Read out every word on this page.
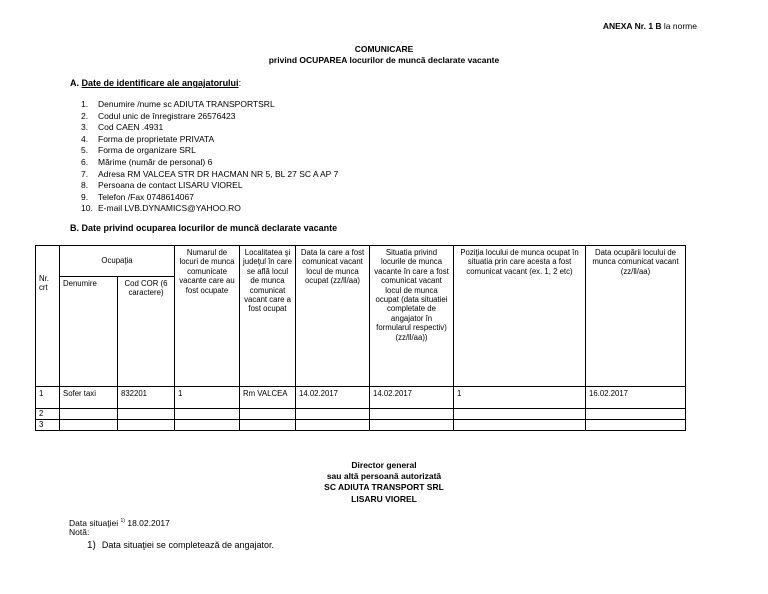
ANEXA Nr. 1 B la norme
COMUNICARE
privind OCUPAREA locurilor de muncă declarate vacante
A. Date de identificare ale angajatorului:
1. Denumire /nume sc ADIUTA TRANSPORTSRL
2. Codul unic de înregistrare 26576423
3. Cod CAEN .4931
4. Forma de proprietate PRIVATA
5. Forma de organizare SRL
6. Mărime (număr de personal) 6
7. Adresa RM VALCEA STR DR HACMAN NR 5, BL 27 SC A AP 7
8. Persoana de contact LISARU VIOREL
9. Telefon /Fax 0748614067
10. E-mail LVB.DYNAMICS@YAHOO.RO
B. Date privind ocuparea locurilor de muncă declarate vacante
Nr. crt	Ocupaţia		Numarul de locuri de munca comunicate vacante care au fost ocupate	Localitatea şi judeţul în care se află locul de munca comunicat vacant care a fost ocupat	Data la care a fost comunicat vacant locul de munca ocupat (zz/ll/aa)	Situatia privind locurile de munca vacante în care a fost comunicat vacant locul de munca ocupat (data situatiei completate de angajator în formularul respectiv) (zz/ll/aa))	Poziţia locului de munca ocupat în situatia prin care acesta a fost comunicat vacant (ex. 1, 2 etc)	Data ocupării locului de munca comunicat vacant (zz/ll/aa)
	Denumire	Cod COR (6 caractere)						
1	Sofer taxi	832201	1	Rm VALCEA	14.02.2017	14.02.2017	1	16.02.2017
2								
3								
Director general
sau altă persoană autorizată
SC ADIUTA TRANSPORT SRL
LISARU VIOREL
Data situaţiei $^{1)}$ 18.02.2017
Notă:
1) Data situaţiei se completează de angajator.
